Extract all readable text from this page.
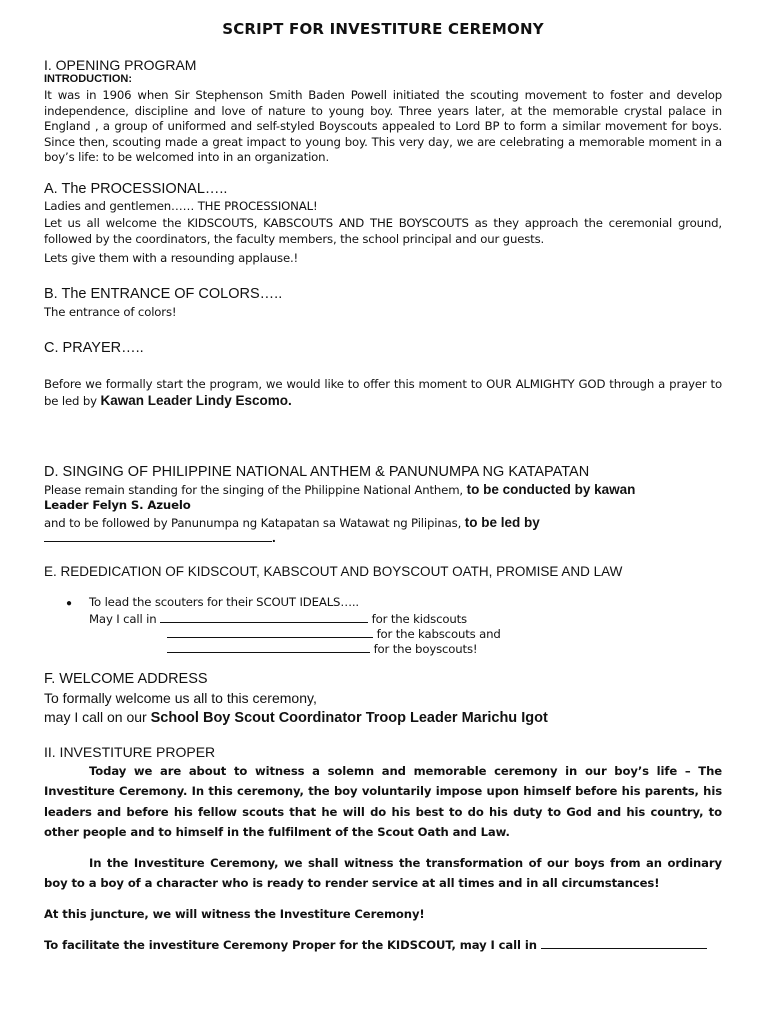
SCRIPT FOR INVESTITURE CEREMONY
I. OPENING PROGRAM
INTRODUCTION:
It was in 1906 when Sir Stephenson Smith Baden Powell initiated the scouting movement to foster and develop independence, discipline and love of nature to young boy. Three years later, at the memorable crystal palace in England , a group of uniformed and self-styled Boyscouts appealed to Lord BP to form a similar movement for boys. Since then, scouting made a great impact to young boy. This very day, we are celebrating a memorable moment in a boy’s life: to be welcomed into in an organization.
A. The PROCESSIONAL…..
Ladies and gentlemen…… THE PROCESSIONAL!
Let us all welcome the KIDSCOUTS, KABSCOUTS AND THE BOYSCOUTS as they approach the ceremonial ground, followed by the coordinators, the faculty members, the school principal and our guests.
Lets give them with a resounding applause.!
B. The ENTRANCE OF COLORS…..
The entrance of colors!
C. PRAYER…..
Before we formally start the program, we would like to offer this moment to OUR ALMIGHTY GOD through a prayer to be led by Kawan Leader Lindy Escomo.
D. SINGING OF PHILIPPINE NATIONAL ANTHEM & PANUNUMPA NG KATAPATAN
Please remain standing for the singing of the Philippine National Anthem, to be conducted by kawan
Leader Felyn S. Azuelo
and to be followed by Panunumpa ng Katapatan sa Watawat ng Pilipinas, to be led by
.
E. REDEDICATION OF KIDSCOUT, KABSCOUT AND BOYSCOUT OATH, PROMISE AND LAW
● To lead the scouters for their SCOUT IDEALS…..
May I call in	for the kidscouts
for the kabscouts and
for the boyscouts!
F. WELCOME ADDRESS
To formally welcome us all to this ceremony,
may I call on our School Boy Scout Coordinator Troop Leader Marichu Igot
II. INVESTITURE PROPER
Today we are about to witness a solemn and memorable ceremony in our boy’s life – The Investiture Ceremony. In this ceremony, the boy voluntarily impose upon himself before his parents, his leaders and before his fellow scouts that he will do his best to do his duty to God and his country, to other people and to himself in the fulfilment of the Scout Oath and Law.
In the Investiture Ceremony, we shall witness the transformation of our boys from an ordinary boy to a boy of a character who is ready to render service at all times and in all circumstances!
At this juncture, we will witness the Investiture Ceremony!
To facilitate the investiture Ceremony Proper for the KIDSCOUT, may I call in
